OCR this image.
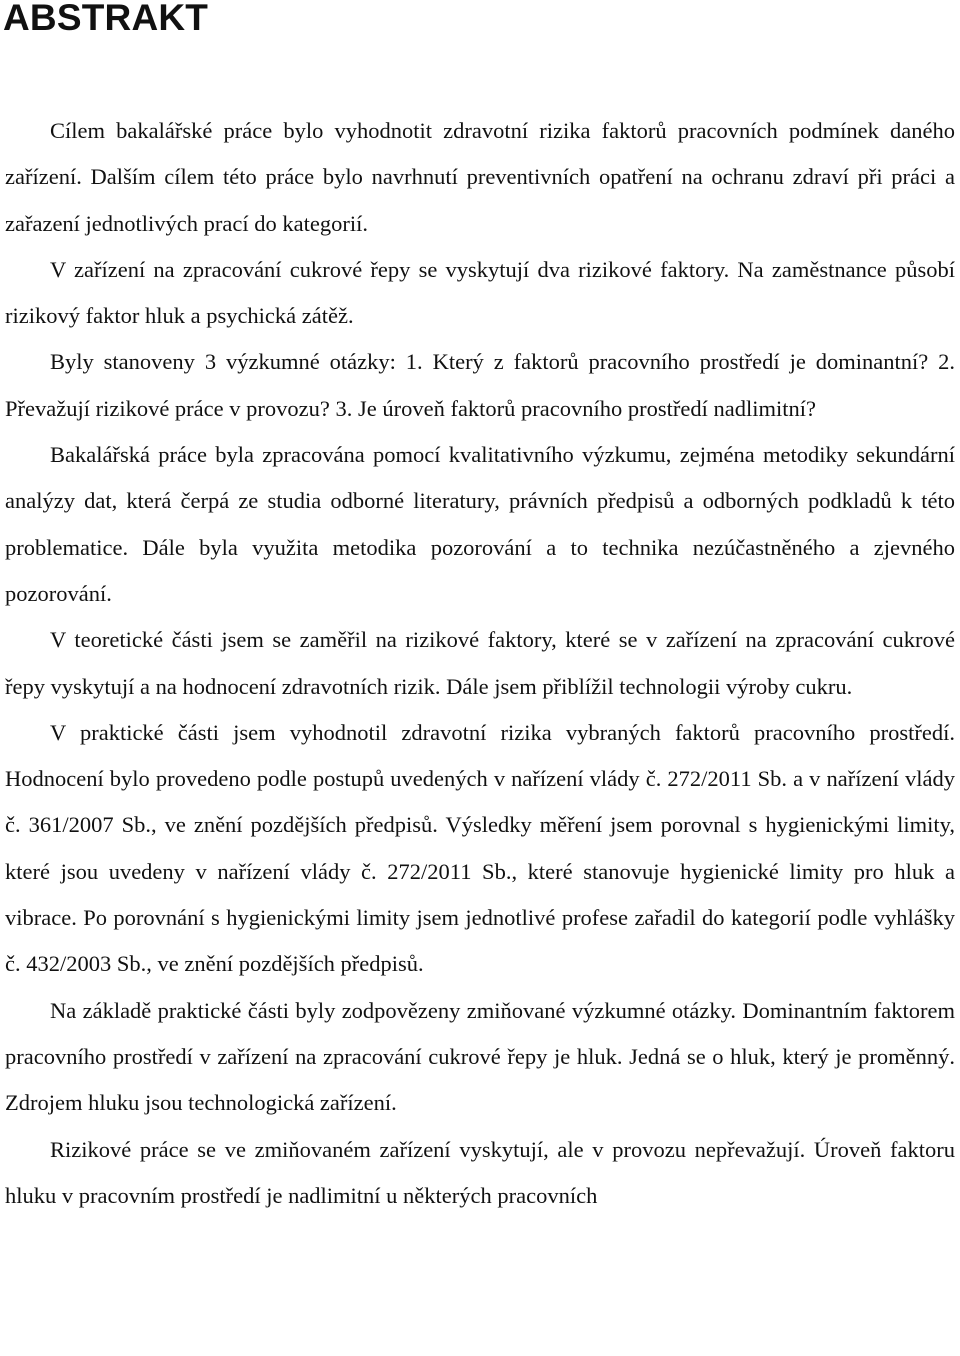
ABSTRAKT

Cílem bakalářské práce bylo vyhodnotit zdravotní rizika faktorů pracovních podmínek daného zařízení. Dalším cílem této práce bylo navrhnutí preventivních opatření na ochranu zdraví při práci a zařazení jednotlivých prací do kategorií.

V zařízení na zpracování cukrové řepy se vyskytují dva rizikové faktory. Na zaměstnance působí rizikový faktor hluk a psychická zátěž.

Byly stanoveny 3 výzkumné otázky: 1. Který z faktorů pracovního prostředí je dominantní? 2. Převažují rizikové práce v provozu? 3. Je úroveň faktorů pracovního prostředí nadlimitní?

Bakalářská práce byla zpracována pomocí kvalitativního výzkumu, zejména metodiky sekundární analýzy dat, která čerpá ze studia odborné literatury, právních předpisů a odborných podkladů k této problematice. Dále byla využita metodika pozorování a to technika nezúčastněného a zjevného pozorování.

V teoretické části jsem se zaměřil na rizikové faktory, které se v zařízení na zpracování cukrové řepy vyskytují a na hodnocení zdravotních rizik. Dále jsem přiblížil technologii výroby cukru.

V praktické části jsem vyhodnotil zdravotní rizika vybraných faktorů pracovního prostředí. Hodnocení bylo provedeno podle postupů uvedených v nařízení vlády č. 272/2011 Sb. a v nařízení vlády č. 361/2007 Sb., ve znění pozdějších předpisů. Výsledky měření jsem porovnal s hygienickými limity, které jsou uvedeny v nařízení vlády č. 272/2011 Sb., které stanovuje hygienické limity pro hluk a vibrace. Po porovnání s hygienickými limity jsem jednotlivé profese zařadil do kategorií podle vyhlášky č. 432/2003 Sb., ve znění pozdějších předpisů.

Na základě praktické části byly zodpovězeny zmiňované výzkumné otázky. Dominantním faktorem pracovního prostředí v zařízení na zpracování cukrové řepy je hluk. Jedná se o hluk, který je proměnný. Zdrojem hluku jsou technologická zařízení.

Rizikové práce se ve zmiňovaném zařízení vyskytují, ale v provozu nepřevažují. Úroveň faktoru hluku v pracovním prostředí je nadlimitní u některých pracovních
